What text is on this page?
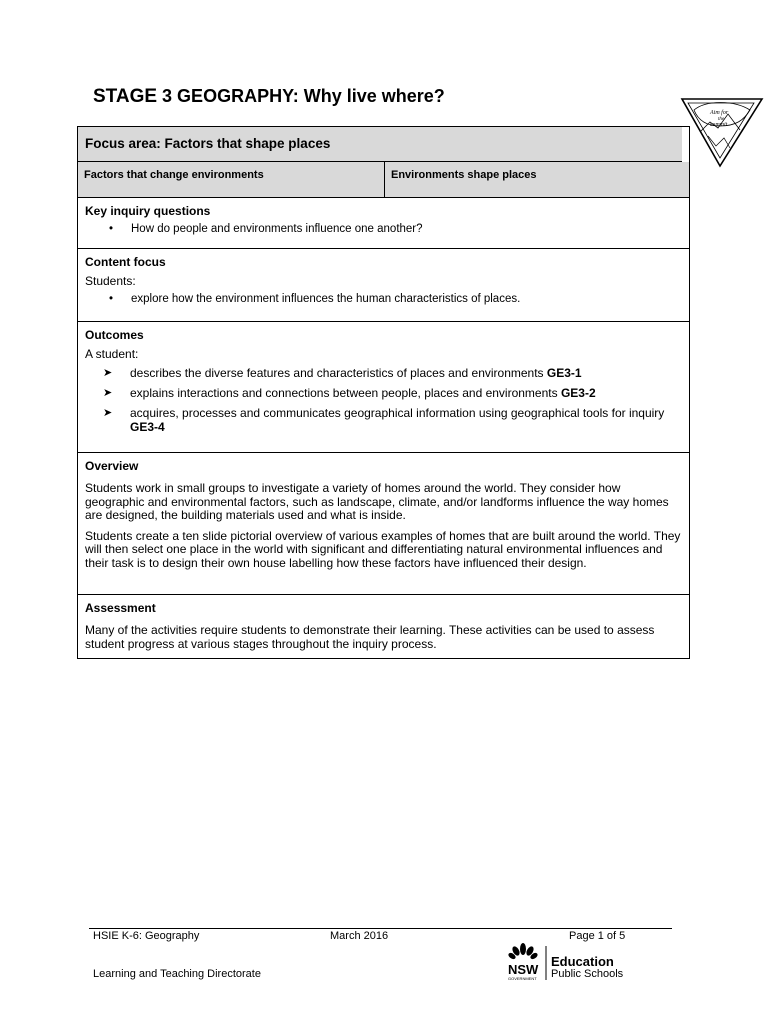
STAGE 3 GEOGRAPHY: Why live where?
Aim for
the
summit
Focus area: Factors that shape places
Factors that change environments	Environments shape places
Key inquiry questions
•	How do people and environments influence one another?
Content focus
Students:
•	explore how the environment influences the human characteristics of places.
Outcomes
A student:
➤	describes the diverse features and characteristics of places and environments GE3-1
➤	explains interactions and connections between people, places and environments GE3-2
➤	acquires, processes and communicates geographical information using geographical tools for inquiry GE3-4
Overview

Students work in small groups to investigate a variety of homes around the world. They consider how geographic and environmental factors, such as landscape, climate, and/or landforms influence the way homes are designed, the building materials used and what is inside.

Students create a ten slide pictorial overview of various examples of homes that are built around the world. They will then select one place in the world with significant and differentiating natural environmental influences and their task is to design their own house labelling how these factors have influenced their design.

Assessment

Many of the activities require students to demonstrate their learning. These activities can be used to assess student progress at various stages throughout the inquiry process.

HSIE K-6: Geography	March 2016	Page 1 of 5
Learning and Teaching Directorate	NSW
GOVERNMENT
Education
Public Schools
